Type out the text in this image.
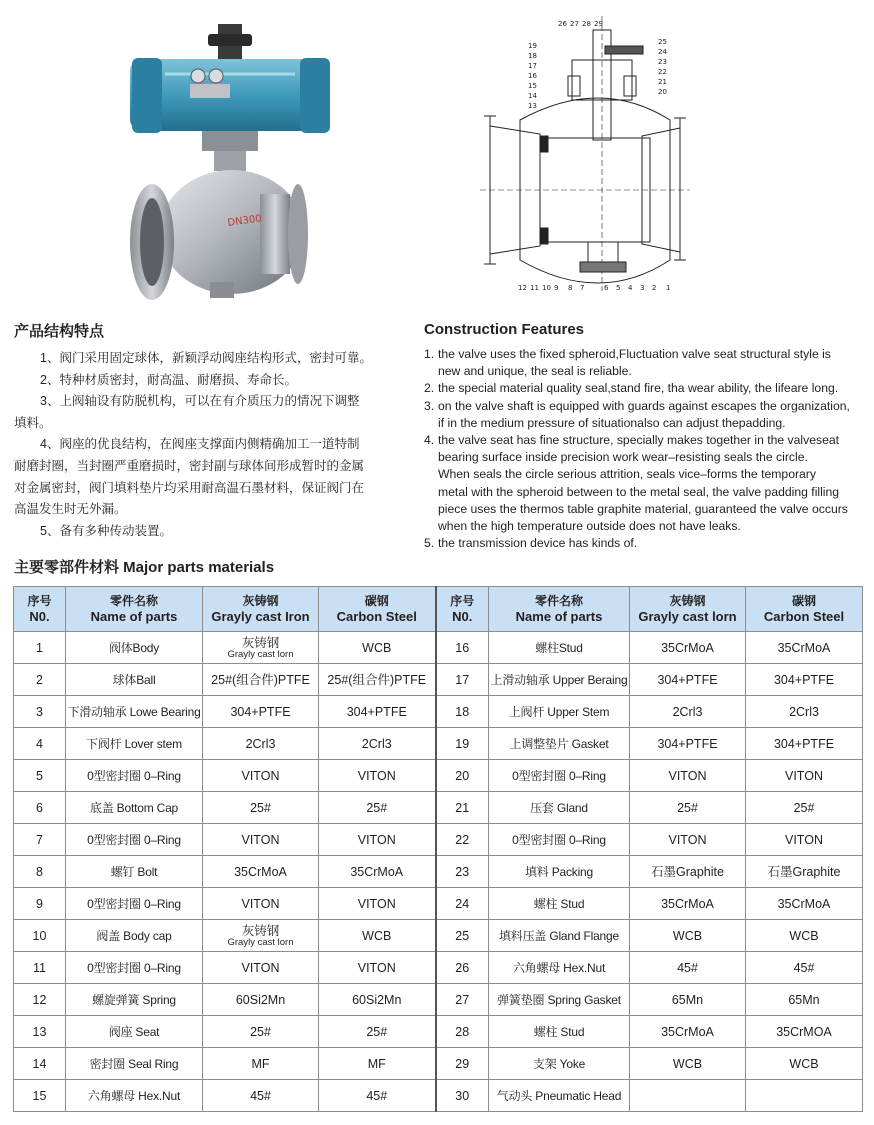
DN300
26 27 28 29
19
18
17
16
15
14
13
25
24
23
22
21
20
12 11 10 9 8 7	6 5 4 3 2 1
产品结构特点

1、阀门采用固定球体，新颖浮动阀座结构形式，密封可靠。

2、特种材质密封，耐高温、耐磨损、寿命长。

3、上阀轴设有防脱机构，可以在有介质压力的情况下调整

填料。

4、阀座的优良结构，在阀座支撑面内侧精确加工一道特制

耐磨封圈，当封圈严重磨损时，密封副与球体间形成暂时的金属

对金属密封，阀门填料垫片均采用耐高温石墨材料，保证阀门在

高温发生时无外漏。

5、备有多种传动装置。

Construction Features
1. the valve uses the fixed spheroid,Fluctuation valve seat structural style is
new and unique, the seal is reliable.
2. the special material quality seal,stand fire, tha wear ability, the lifeare long.
3. on the valve shaft is equipped with guards against escapes the organization,
if in the medium pressure of situationalso can adjust thepadding.
4. the valve seat has fine structure, specially makes together in the valveseat
bearing surface inside precision work wear–resisting seals the circle.
When seals the circle serious attrition, seals vice–forms the temporary
metal with the spheroid between to the metal seal, the valve padding filling
piece uses the thermos table graphite material, guaranteed the valve occurs
when the high temperature outside does not have leaks.
5. the transmission device has kinds of.
主要零部件材料 Major parts materials
序号
N0.	零件名称
Name of parts	灰铸钢
Grayly cast Iron	碳钢
Carbon Steel	序号
N0.	零件名称
Name of parts	灰铸钢
Grayly cast lorn	碳钢
Carbon Steel

1	阀体Body	灰铸钢
Grayly cast lorn	WCB	16	螺柱Stud	35CrMoA	35CrMoA
2	球体Ball	25#(组合件)PTFE	25#(组合件)PTFE	17	上滑动轴承 Upper Beraing	304+PTFE	304+PTFE
3	下滑动轴承 Lowe Bearing	304+PTFE	304+PTFE	18	上阀杆 Upper Stem	2Crl3	2Crl3
4	下阀杆 Lover stem	2Crl3	2Crl3	19	上调整垫片 Gasket	304+PTFE	304+PTFE
5	0型密封圈 0–Ring	VITON	VITON	20	0型密封圈 0–Ring	VITON	VITON
6	底盖 Bottom Cap	25#	25#	21	压套 Gland	25#	25#
7	0型密封圈 0–Ring	VITON	VITON	22	0型密封圈 0–Ring	VITON	VITON
8	螺钉 Bolt	35CrMoA	35CrMoA	23	填料 Packing	石墨Graphite	石墨Graphite
9	0型密封圈 0–Ring	VITON	VITON	24	螺柱 Stud	35CrMoA	35CrMoA
10	阀盖 Body cap	灰铸钢
Grayly cast lorn	WCB	25	填料压盖 Gland Flange	WCB	WCB
11	0型密封圈 0–Ring	VITON	VITON	26	六角螺母 Hex.Nut	45#	45#
12	螺旋弹簧 Spring	60Si2Mn	60Si2Mn	27	弹簧垫圈 Spring Gasket	65Mn	65Mn
13	阀座 Seat	25#	25#	28	螺柱 Stud	35CrMoA	35CrMOA
14	密封圈 Seal Ring	MF	MF	29	支架 Yoke	WCB	WCB
15	六角螺母 Hex.Nut	45#	45#	30	气动头 Pneumatic Head		
